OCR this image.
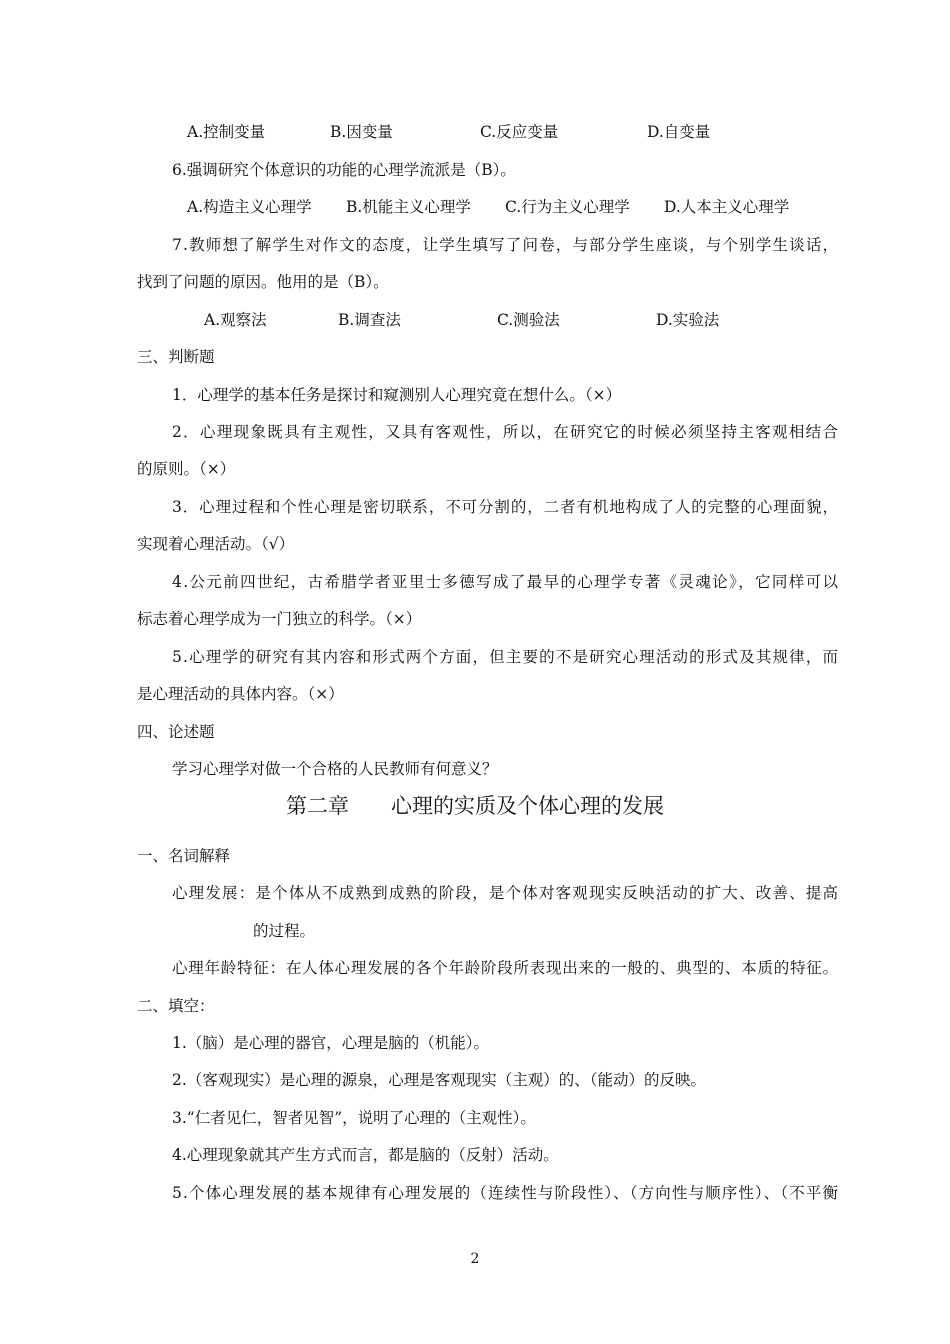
A.控制变量	B.因变量	C.反应变量	D.自变量
6.强调研究个体意识的功能的心理学流派是（B）。
A.构造主义心理学 B.机能主义心理学 C.行为主义心理学 D.人本主义心理学
7.教师想了解学生对作文的态度，让学生填写了问卷，与部分学生座谈，与个别学生谈话，
找到了问题的原因。他用的是（B）。
A.观察法	B.调查法	C.测验法	D.实验法
三、判断题
1．心理学的基本任务是探讨和窥测别人心理究竟在想什么。（×）
2．心理现象既具有主观性，又具有客观性，所以，在研究它的时候必须坚持主客观相结合
的原则。（×）
3．心理过程和个性心理是密切联系，不可分割的，二者有机地构成了人的完整的心理面貌，
实现着心理活动。（√）
4.公元前四世纪，古希腊学者亚里士多德写成了最早的心理学专著《灵魂论》，它同样可以
标志着心理学成为一门独立的科学。（×）
5.心理学的研究有其内容和形式两个方面，但主要的不是研究心理活动的形式及其规律，而
是心理活动的具体内容。（×）
四、论述题
学习心理学对做一个合格的人民教师有何意义？
第二章　　心理的实质及个体心理的发展
一、名词解释
心理发展：是个体从不成熟到成熟的阶段，是个体对客观现实反映活动的扩大、改善、提高
的过程。
心理年龄特征：在人体心理发展的各个年龄阶段所表现出来的一般的、典型的、本质的特征。
二、填空：
1.（脑）是心理的器官，心理是脑的（机能）。
2.（客观现实）是心理的源泉，心理是客观现实（主观）的、（能动）的反映。
3.“仁者见仁，智者见智”，说明了心理的（主观性）。
4.心理现象就其产生方式而言，都是脑的（反射）活动。
5.个体心理发展的基本规律有心理发展的（连续性与阶段性）、（方向性与顺序性）、（不平衡
2
